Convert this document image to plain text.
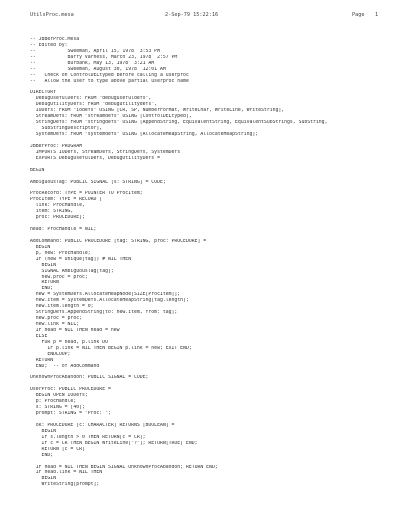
UtilsProc.mesa	2-Sep-79 15:22:16	Page 1
-- JBBerProc.Mesa
-- Edited by:
--           Sweeman, April 15, 1978  3:53 PM
--           Barry Varness, March 23, 1978  2:57 PM
--           Burbank, May 13, 1978  3:21 AM
--           Sweeman, August 30, 1978  12:01 AM
--   Check on ControlDELtyped before calling a userproc
--   Allow the user to type above partial userproc name
DIRECTORY
DebugUsefulDefs: FROM "debugusefuldefs",
DebugUtilityDefs: FROM "debugutilitydefs",
IODefs: FROM "iodefs" USING [CR, SP, NumberFormat, WriteChar, WriteLine, WriteString],
StreamDefs: FROM "streamdefs" USING [ControlDELtyped],
StringDefs: FROM "stringdefs" USING [AppendString, EquivalentString, EquivalentSubStrings, SubString,
SubStringDescriptor],
SystemDefs: FROM "systemdefs" USING [AllocateHeapString, AllocateHeapString];
JBBerProc: PROGRAM
IMPORTS IODefs, StreamDefs, StringDefs, SystemDefs
EXPORTS DebugUsefulDefs, DebugUtilityDefs =
BEGIN
AmbiguousTag: PUBLIC SIGNAL [s: STRING] = CODE;
ProcRecord: TYPE = POINTER TO ProcItem;
ProcItem: TYPE = RECORD [
link: ProcHandle,
item: STRING,
proc: PROCEDURE];
head: ProcHandle = NIL;
AddCommand: PUBLIC PROCEDURE [tag: STRING, proc: PROCEDURE] =
BEGIN
p, new: ProcHandle;
IF (new = Unique[tag]) # NIL THEN
BEGIN
SIGNAL AmbiguousTag[tag];
new.proc = proc;
RETURN
END;
new = SystemDefs.AllocateHeapNode[SIZE[ProcItem]];
new.item = SystemDefs.AllocateHeapString[tag.length];
new.item.length = 0;
StringDefs.AppendString[to: new.item, from: tag];
new.proc = proc;
new.link = NIL;
IF head = NIL THEN head = new
ELSE
FOR p = head, p.link DO
IF p.link = NIL THEN BEGIN p.link = new; EXIT END;
ENDLOOP;
RETURN
END;  -- of AddCommand
UnknownProcAbandon: PUBLIC SIGNAL = CODE;
UserProc: PUBLIC PROCEDURE =
BEGIN OPEN IODefs;
p: ProcHandle;
s: STRING = [40];
prompt: STRING = "Proc: ";
ok: PROCEDURE [c: CHARACTER] RETURNS [BOOLEAN] =
BEGIN
IF s.length > 0 THEN RETURN[c = CR];
IF c = CR THEN BEGIN WriteLine["?"]; RETURN[TRUE] END;
RETURN [c = CR]
END;
IF head = NIL THEN BEGIN SIGNAL UnknownProcAbandon; RETURN END;
IF head.link = NIL THEN
BEGIN
WriteString[prompt];
